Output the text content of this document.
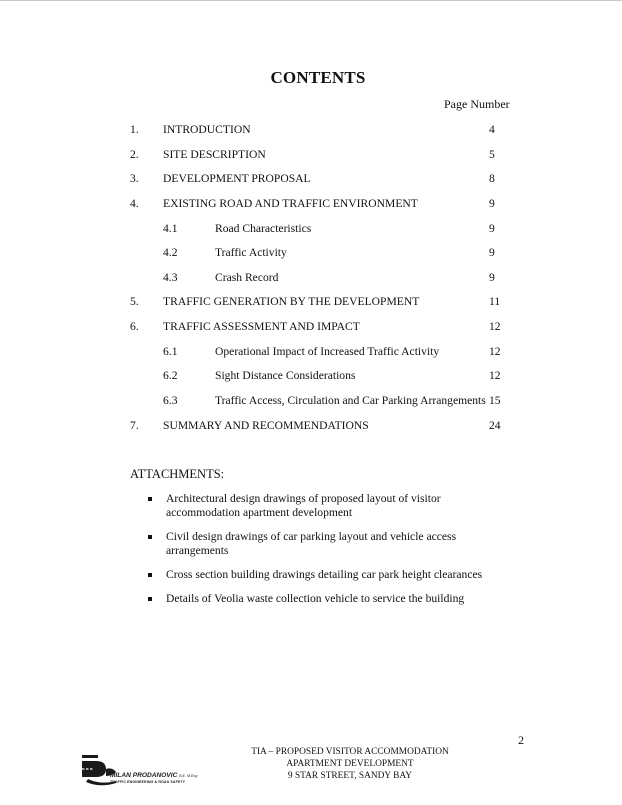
CONTENTS
Page Number
1. INTRODUCTION	4
2. SITE DESCRIPTION	5
3. DEVELOPMENT PROPOSAL	8
4. EXISTING ROAD AND TRAFFIC ENVIRONMENT	9
4.1	Road Characteristics	9
4.2	Traffic Activity	9
4.3	Crash Record	9
5. TRAFFIC GENERATION BY THE DEVELOPMENT	11
6. TRAFFIC ASSESSMENT AND IMPACT	12
6.1	Operational Impact of Increased Traffic Activity	12
6.2	Sight Distance Considerations	12
6.3	Traffic Access, Circulation and Car Parking Arrangements 15
7. SUMMARY AND RECOMMENDATIONS	24
ATTACHMENTS:
Architectural design drawings of proposed layout of visitor accommodation apartment development
Civil design drawings of car parking layout and vehicle access arrangements
Cross section building drawings detailing car park height clearances
Details of Veolia waste collection vehicle to service the building
2
TIA – PROPOSED VISITOR ACCOMMODATION
APARTMENT DEVELOPMENT
9 STAR STREET, SANDY BAY
MILAN PRODANOVIC B.E. M.Eng
TRAFFIC ENGINEERING & ROAD SAFETY
